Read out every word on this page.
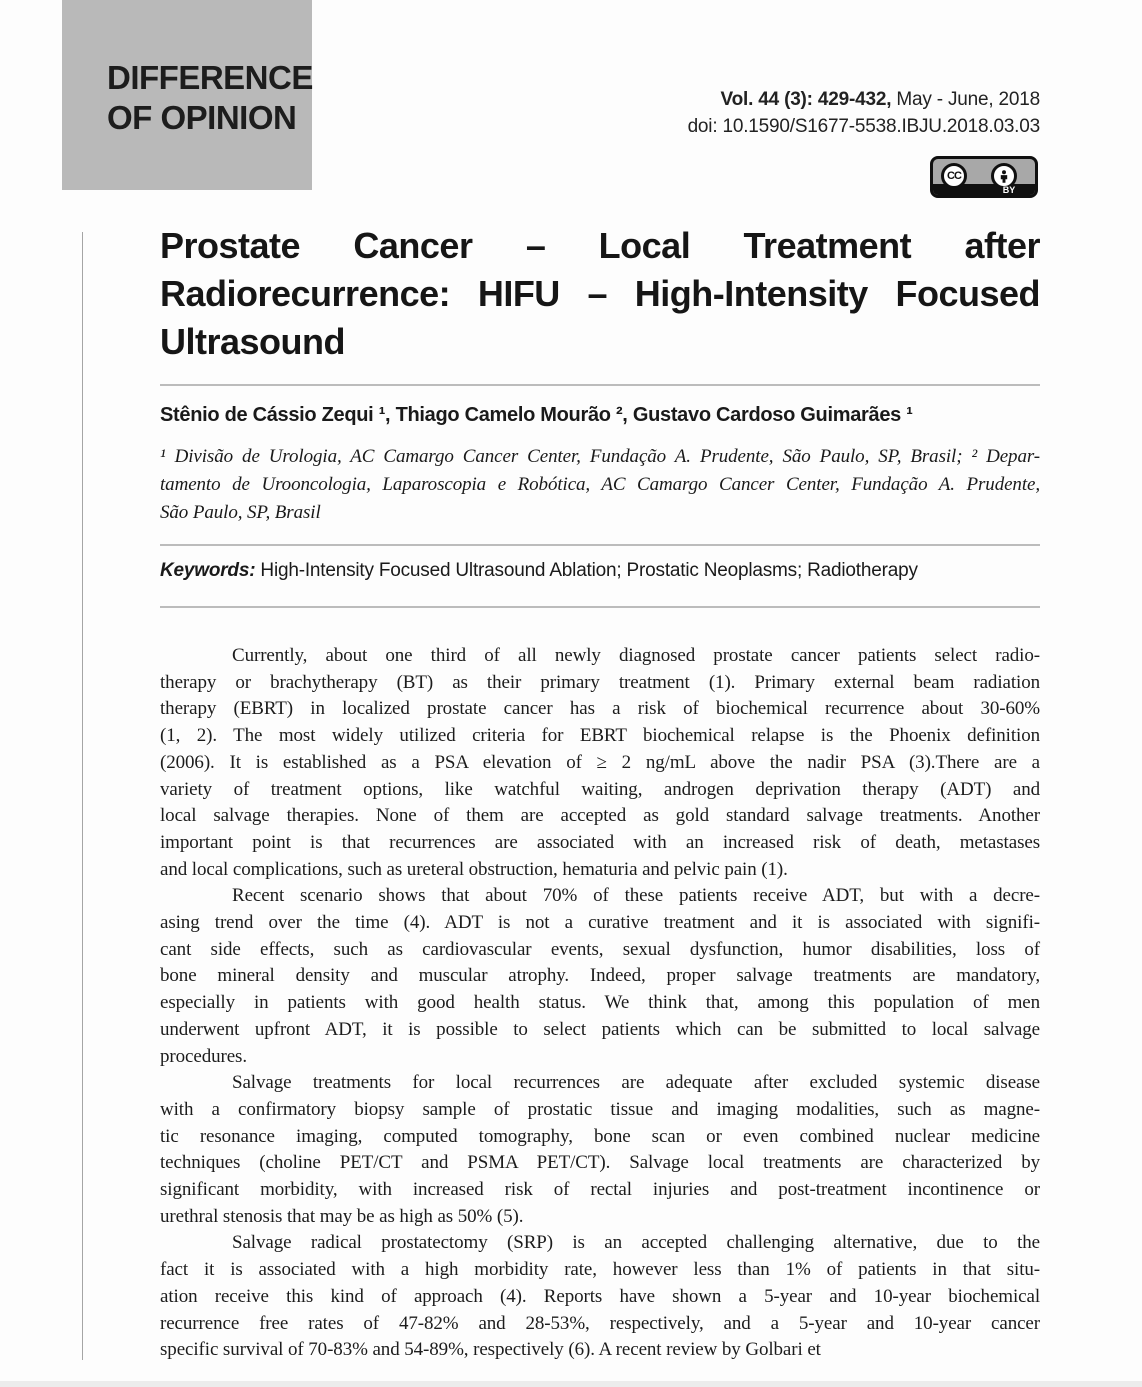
DIFFERENCE
OF OPINION	Vol. 44 (3): 429-432, May - June, 2018
doi: 10.1590/S1677-5538.IBJU.2018.03.03
CC
BY
Prostate Cancer – Local Treatment after
Radiorecurrence: HIFU – High-Intensity Focused
Ultrasound
Stênio de Cássio Zequi ¹, Thiago Camelo Mourão ², Gustavo Cardoso Guimarães ¹
¹ Divisão de Urologia, AC Camargo Cancer Center, Fundação A. Prudente, São Paulo, SP, Brasil; ² Depar-
tamento de Urooncologia, Laparoscopia e Robótica, AC Camargo Cancer Center, Fundação A. Prudente,
São Paulo, SP, Brasil
Keywords: High-Intensity Focused Ultrasound Ablation; Prostatic Neoplasms; Radiotherapy
Currently, about one third of all newly diagnosed prostate cancer patients select radio-
therapy or brachytherapy (BT) as their primary treatment (1). Primary external beam radiation
therapy (EBRT) in localized prostate cancer has a risk of biochemical recurrence about 30-60%
(1, 2). The most widely utilized criteria for EBRT biochemical relapse is the Phoenix definition
(2006). It is established as a PSA elevation of ≥ 2 ng/mL above the nadir PSA (3).There are a
variety of treatment options, like watchful waiting, androgen deprivation therapy (ADT) and
local salvage therapies. None of them are accepted as gold standard salvage treatments. Another
important point is that recurrences are associated with an increased risk of death, metastases
and local complications, such as ureteral obstruction, hematuria and pelvic pain (1).
Recent scenario shows that about 70% of these patients receive ADT, but with a decre-
asing trend over the time (4). ADT is not a curative treatment and it is associated with signifi-
cant side effects, such as cardiovascular events, sexual dysfunction, humor disabilities, loss of
bone mineral density and muscular atrophy. Indeed, proper salvage treatments are mandatory,
especially in patients with good health status. We think that, among this population of men
underwent upfront ADT, it is possible to select patients which can be submitted to local salvage
procedures.
Salvage treatments for local recurrences are adequate after excluded systemic disease
with a confirmatory biopsy sample of prostatic tissue and imaging modalities, such as magne-
tic resonance imaging, computed tomography, bone scan or even combined nuclear medicine
techniques (choline PET/CT and PSMA PET/CT). Salvage local treatments are characterized by
significant morbidity, with increased risk of rectal injuries and post-treatment incontinence or
urethral stenosis that may be as high as 50% (5).
Salvage radical prostatectomy (SRP) is an accepted challenging alternative, due to the
fact it is associated with a high morbidity rate, however less than 1% of patients in that situ-
ation receive this kind of approach (4). Reports have shown a 5-year and 10-year biochemical
recurrence free rates of 47-82% and 28-53%, respectively, and a 5-year and 10-year cancer
specific survival of 70-83% and 54-89%, respectively (6). A recent review by Golbari et
